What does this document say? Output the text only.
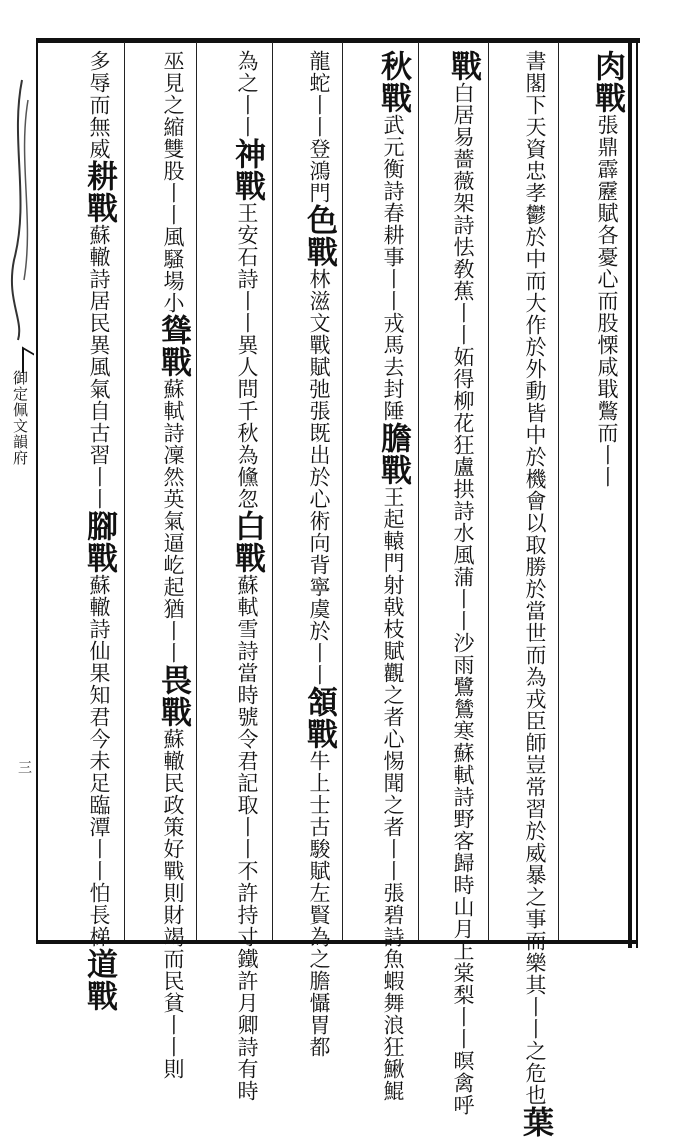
御定佩文韻府
三
肉戰張鼎霹靂賦各憂心而股慄咸戢鷩而丨丨
書閣下天資忠孝鬱於中而大作於外動皆中於機會以取勝於當世而為戎臣師豈常習於威暴之事而樂其丨丨之危也葉
戰白居易薔薇架詩怯敎蕉丨丨妬得柳花狂盧拱詩水風蒲丨丨沙雨鷺鷥寒蘇軾詩野客歸時山月上棠梨丨丨暝禽呼
秋戰武元衡詩春耕事丨丨戎馬去封陲膽戰王起轅門射戟枝賦觀之者心惕聞之者丨丨張碧詩魚蝦舞浪狂鰍鯤
龍蛇丨丨登鴻門色戰林滋文戰賦弛張既出於心術向背寧虞於丨丨頷戰牛上士古駿賦左賢為之膽懾胃都
為之丨丨神戰王安石詩丨丨異人問千秋為儵忽白戰蘇軾雪詩當時號令君記取丨丨不許持寸鐵許月卿詩有時
巫見之縮雙股丨丨風騷場小聳戰蘇軾詩凜然英氣逼屹起猶丨丨畏戰蘇轍民政策好戰則財竭而民貧丨丨則
多辱而無威耕戰蘇轍詩居民異風氣自古習丨丨腳戰蘇轍詩仙果知君今未足臨潭丨丨怕長梯道戰
